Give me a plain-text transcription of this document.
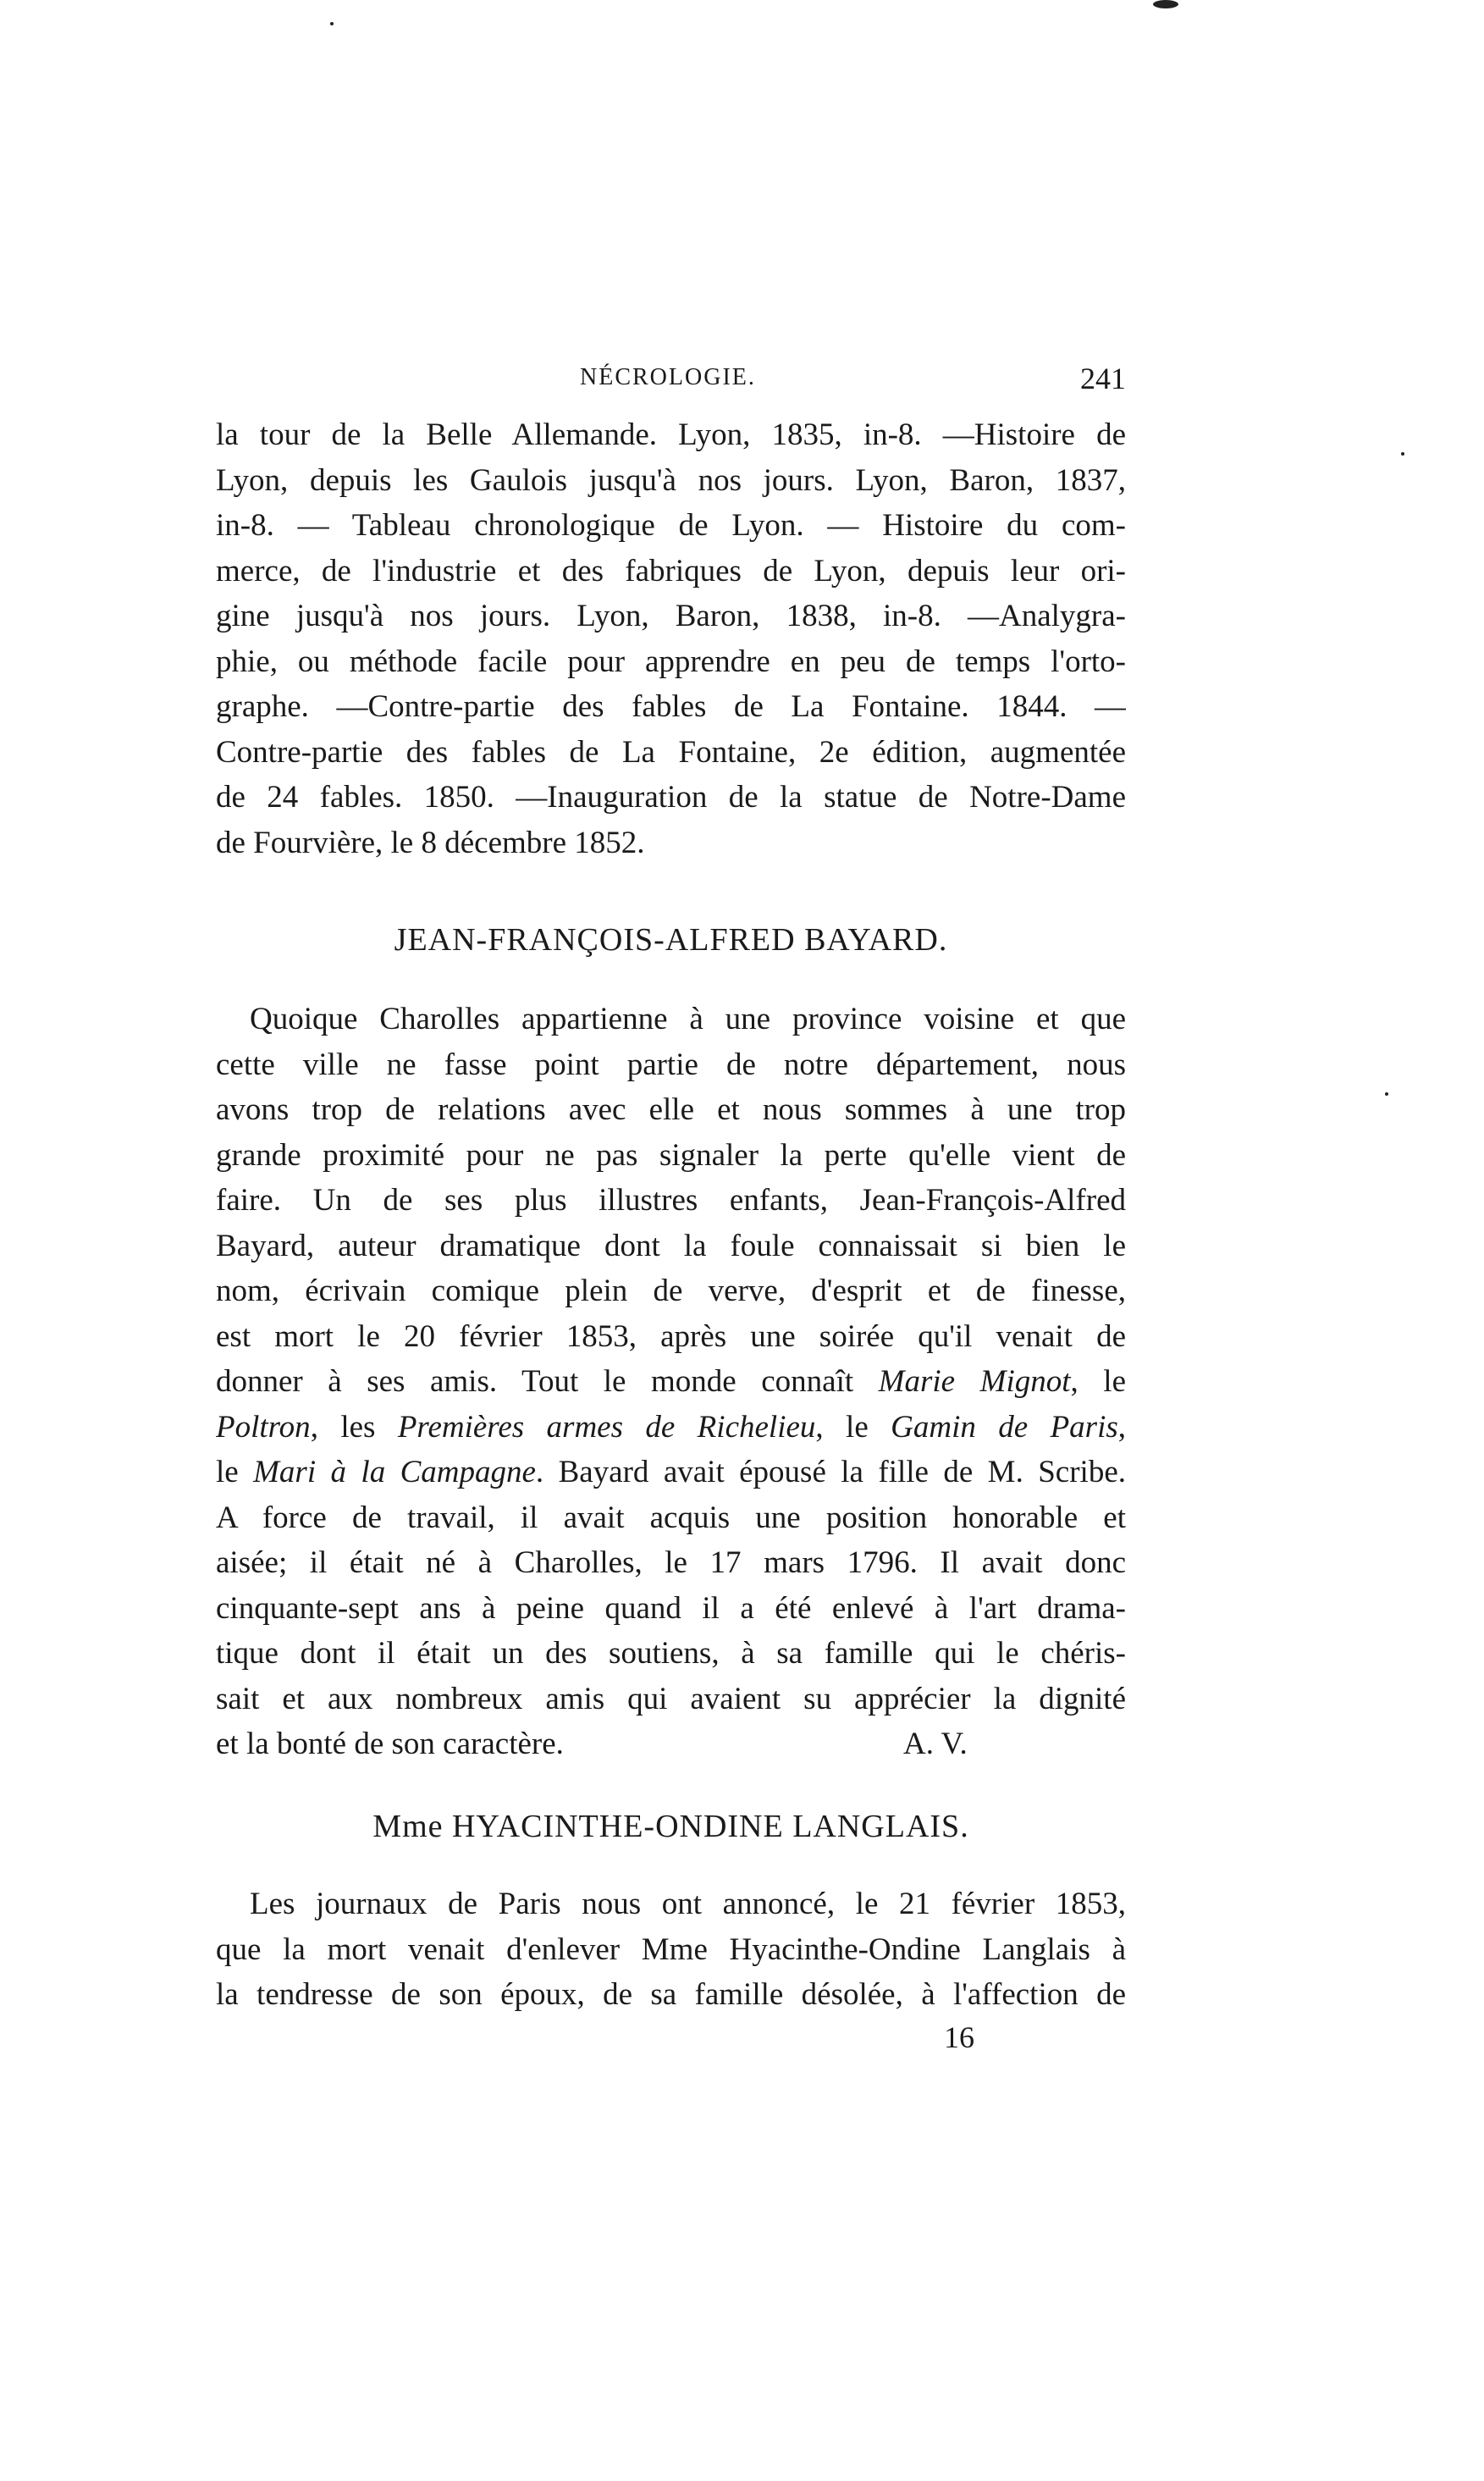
NÉCROLOGIE.	241
la tour de la Belle Allemande. Lyon, 1835, in-8. —Histoire de
Lyon, depuis les Gaulois jusqu'à nos jours. Lyon, Baron, 1837,
in-8. — Tableau chronologique de Lyon. — Histoire du com-
merce, de l'industrie et des fabriques de Lyon, depuis leur ori-
gine jusqu'à nos jours. Lyon, Baron, 1838, in-8. —Analygra-
phie, ou méthode facile pour apprendre en peu de temps l'orto-
graphe. —Contre-partie des fables de La Fontaine. 1844. —
Contre-partie des fables de La Fontaine, 2e édition, augmentée
de 24 fables. 1850. —Inauguration de la statue de Notre-Dame
de Fourvière, le 8 décembre 1852.
JEAN-FRANÇOIS-ALFRED BAYARD.
Quoique Charolles appartienne à une province voisine et que
cette ville ne fasse point partie de notre département, nous
avons trop de relations avec elle et nous sommes à une trop
grande proximité pour ne pas signaler la perte qu'elle vient de
faire. Un de ses plus illustres enfants, Jean-François-Alfred
Bayard, auteur dramatique dont la foule connaissait si bien le
nom, écrivain comique plein de verve, d'esprit et de finesse,
est mort le 20 février 1853, après une soirée qu'il venait de
donner à ses amis. Tout le monde connaît Marie Mignot, le
Poltron, les Premières armes de Richelieu, le Gamin de Paris,
le Mari à la Campagne. Bayard avait épousé la fille de M. Scribe.
A force de travail, il avait acquis une position honorable et
aisée; il était né à Charolles, le 17 mars 1796. Il avait donc
cinquante-sept ans à peine quand il a été enlevé à l'art drama-
tique dont il était un des soutiens, à sa famille qui le chéris-
sait et aux nombreux amis qui avaient su apprécier la dignité
et la bonté de son caractère.	A. V.
Mme HYACINTHE-ONDINE LANGLAIS.
Les journaux de Paris nous ont annoncé, le 21 février 1853,
que la mort venait d'enlever Mme Hyacinthe-Ondine Langlais à
la tendresse de son époux, de sa famille désolée, à l'affection de
16
